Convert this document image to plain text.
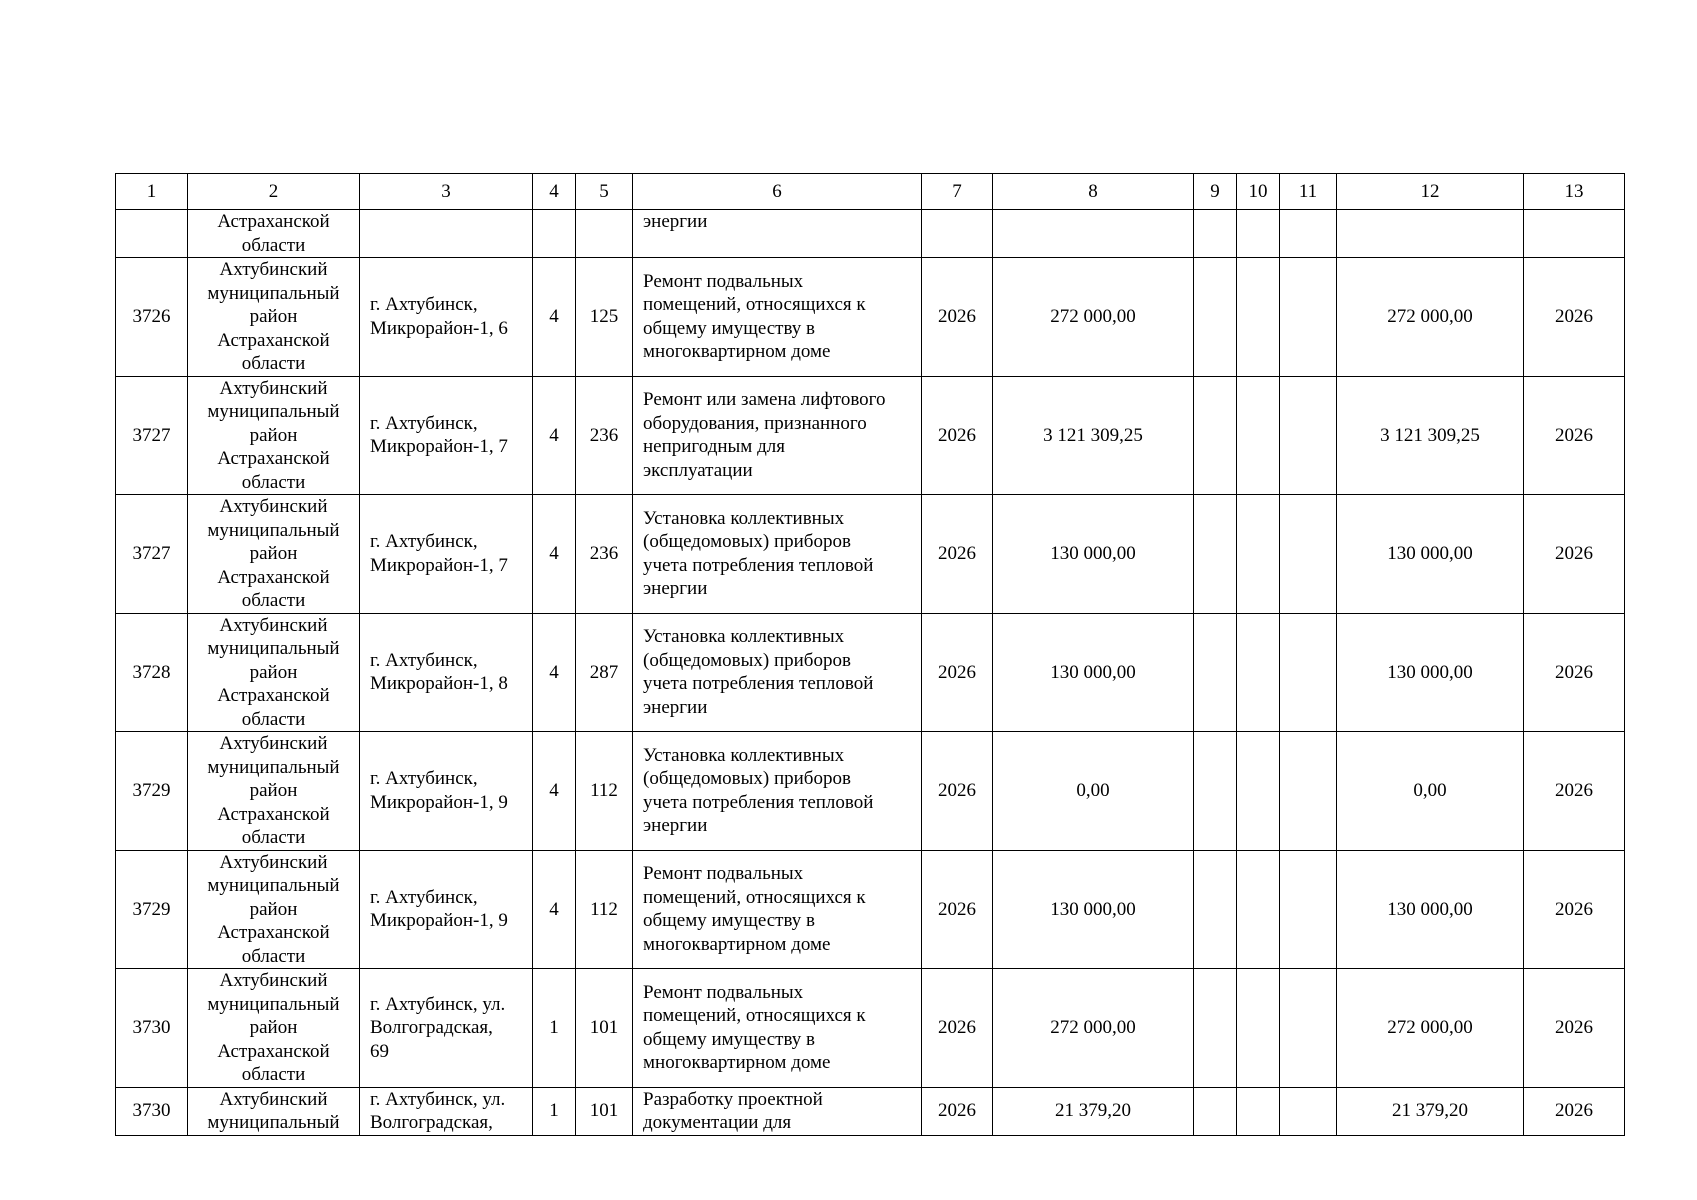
1	2	3	4	5	6	7	8	9	10	11	12	13
	Астраханской
области				энергии							
3726	Ахтубинский
муниципальный
район
Астраханской
области	г. Ахтубинск,
Микрорайон-1, 6	4	125	Ремонт подвальных
помещений, относящихся к
общему имуществу в
многоквартирном доме	2026	272 000,00				272 000,00	2026
3727	Ахтубинский
муниципальный
район
Астраханской
области	г. Ахтубинск,
Микрорайон-1, 7	4	236	Ремонт или замена лифтового
оборудования, признанного
непригодным для
эксплуатации	2026	3 121 309,25				3 121 309,25	2026
3727	Ахтубинский
муниципальный
район
Астраханской
области	г. Ахтубинск,
Микрорайон-1, 7	4	236	Установка коллективных
(общедомовых) приборов
учета потребления тепловой
энергии	2026	130 000,00				130 000,00	2026
3728	Ахтубинский
муниципальный
район
Астраханской
области	г. Ахтубинск,
Микрорайон-1, 8	4	287	Установка коллективных
(общедомовых) приборов
учета потребления тепловой
энергии	2026	130 000,00				130 000,00	2026
3729	Ахтубинский
муниципальный
район
Астраханской
области	г. Ахтубинск,
Микрорайон-1, 9	4	112	Установка коллективных
(общедомовых) приборов
учета потребления тепловой
энергии	2026	0,00				0,00	2026
3729	Ахтубинский
муниципальный
район
Астраханской
области	г. Ахтубинск,
Микрорайон-1, 9	4	112	Ремонт подвальных
помещений, относящихся к
общему имуществу в
многоквартирном доме	2026	130 000,00				130 000,00	2026
3730	Ахтубинский
муниципальный
район
Астраханской
области	г. Ахтубинск, ул.
Волгоградская,
69	1	101	Ремонт подвальных
помещений, относящихся к
общему имуществу в
многоквартирном доме	2026	272 000,00				272 000,00	2026
3730	Ахтубинский
муниципальный	г. Ахтубинск, ул.
Волгоградская,	1	101	Разработку проектной
документации для	2026	21 379,20				21 379,20	2026
